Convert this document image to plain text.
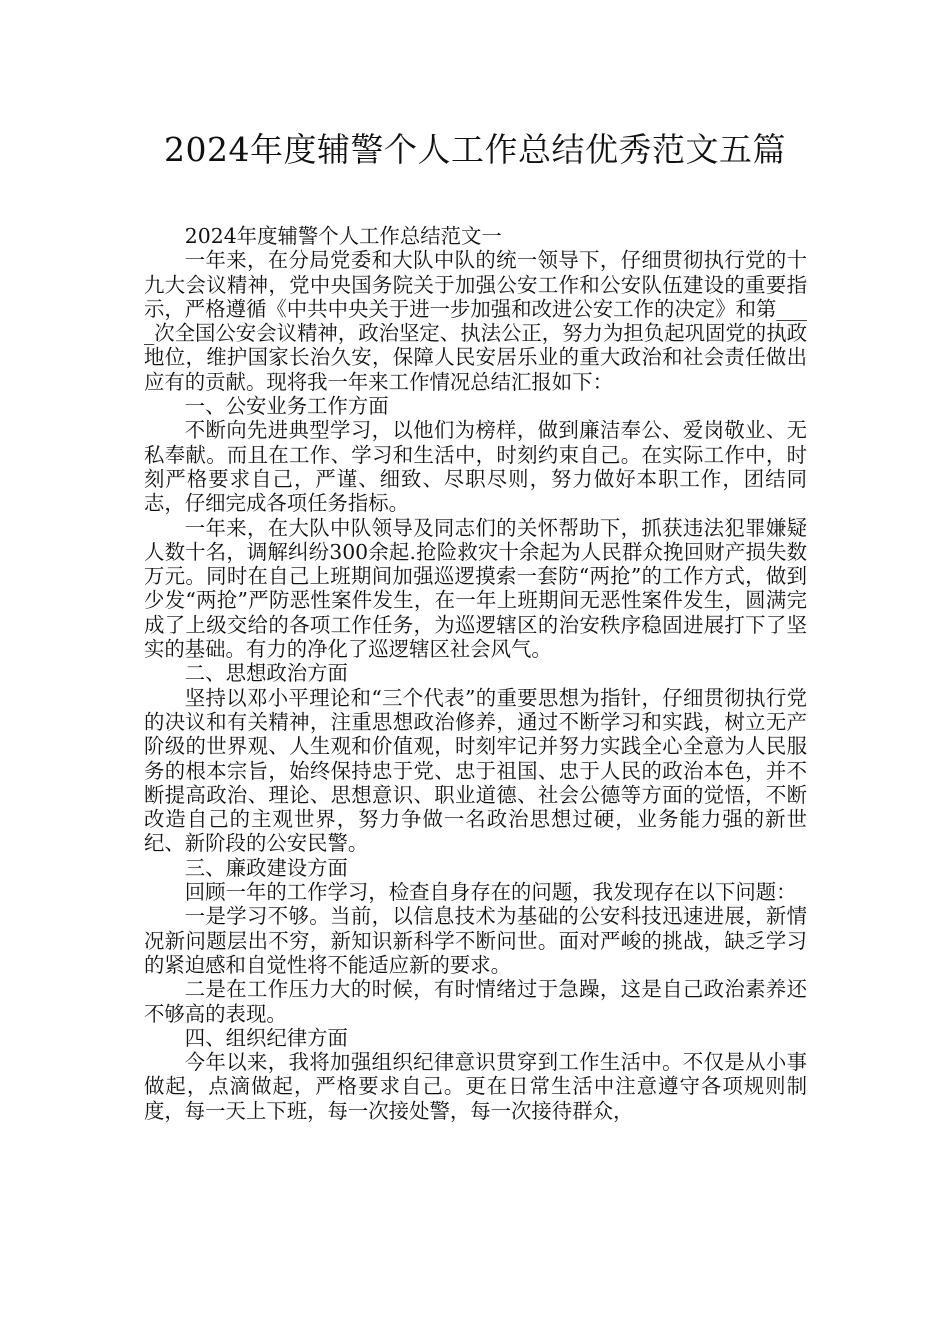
2024年度辅警个人工作总结优秀范文五篇

2024年度辅警个人工作总结范文一

一年来，在分局党委和大队中队的统一领导下，仔细贯彻执行党的十九大会议精神，党中央国务院关于加强公安工作和公安队伍建设的重要指示，严格遵循《中共中央关于进一步加强和改进公安工作的决定》和第____次全国公安会议精神，政治坚定、执法公正，努力为担负起巩固党的执政地位，维护国家长治久安，保障人民安居乐业的重大政治和社会责任做出应有的贡献。现将我一年来工作情况总结汇报如下：

一、公安业务工作方面

不断向先进典型学习，以他们为榜样，做到廉洁奉公、爱岗敬业、无私奉献。而且在工作、学习和生活中，时刻约束自己。在实际工作中，时刻严格要求自己，严谨、细致、尽职尽则，努力做好本职工作，团结同志，仔细完成各项任务指标。

一年来，在大队中队领导及同志们的关怀帮助下，抓获违法犯罪嫌疑人数十名，调解纠纷300余起.抢险救灾十余起为人民群众挽回财产损失数万元。同时在自己上班期间加强巡逻摸索一套防“两抢”的工作方式，做到少发“两抢”严防恶性案件发生，在一年上班期间无恶性案件发生，圆满完成了上级交给的各项工作任务，为巡逻辖区的治安秩序稳固进展打下了坚实的基础。有力的净化了巡逻辖区社会风气。

二、思想政治方面

坚持以邓小平理论和“三个代表”的重要思想为指针，仔细贯彻执行党的决议和有关精神，注重思想政治修养，通过不断学习和实践，树立无产阶级的世界观、人生观和价值观，时刻牢记并努力实践全心全意为人民服务的根本宗旨，始终保持忠于党、忠于祖国、忠于人民的政治本色，并不断提高政治、理论、思想意识、职业道德、社会公德等方面的觉悟，不断改造自己的主观世界，努力争做一名政治思想过硬，业务能力强的新世纪、新阶段的公安民警。

三、廉政建设方面

回顾一年的工作学习，检查自身存在的问题，我发现存在以下问题：

一是学习不够。当前，以信息技术为基础的公安科技迅速进展，新情况新问题层出不穷，新知识新科学不断问世。面对严峻的挑战，缺乏学习的紧迫感和自觉性将不能适应新的要求。

二是在工作压力大的时候，有时情绪过于急躁，这是自己政治素养还不够高的表现。

四、组织纪律方面

今年以来，我将加强组织纪律意识贯穿到工作生活中。不仅是从小事做起，点滴做起，严格要求自己。更在日常生活中注意遵守各项规则制度，每一天上下班，每一次接处警，每一次接待群众，
